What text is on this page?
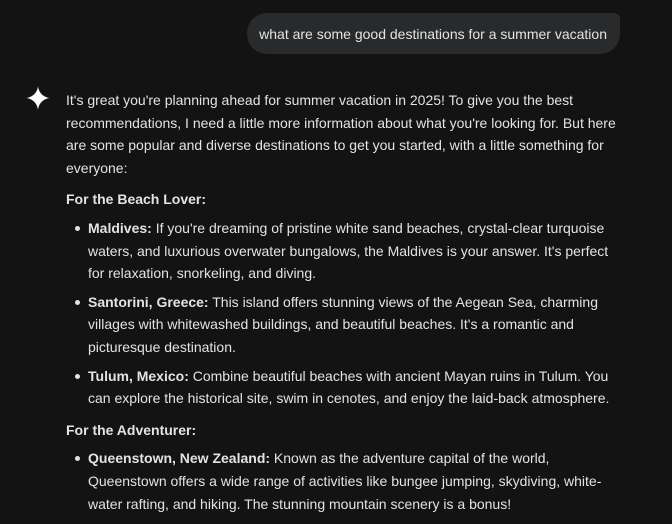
what are some good destinations for a summer vacation

It's great you're planning ahead for summer vacation in 2025! To give you the best recommendations, I need a little more information about what you're looking for. But here are some popular and diverse destinations to get you started, with a little something for everyone:

For the Beach Lover:

Maldives: If you're dreaming of pristine white sand beaches, crystal-clear turquoise waters, and luxurious overwater bungalows, the Maldives is your answer. It's perfect for relaxation, snorkeling, and diving.
Santorini, Greece: This island offers stunning views of the Aegean Sea, charming villages with whitewashed buildings, and beautiful beaches. It's a romantic and picturesque destination.
Tulum, Mexico: Combine beautiful beaches with ancient Mayan ruins in Tulum. You can explore the historical site, swim in cenotes, and enjoy the laid-back atmosphere.

For the Adventurer:

Queenstown, New Zealand: Known as the adventure capital of the world, Queenstown offers a wide range of activities like bungee jumping, skydiving, white-water rafting, and hiking. The stunning mountain scenery is a bonus!
